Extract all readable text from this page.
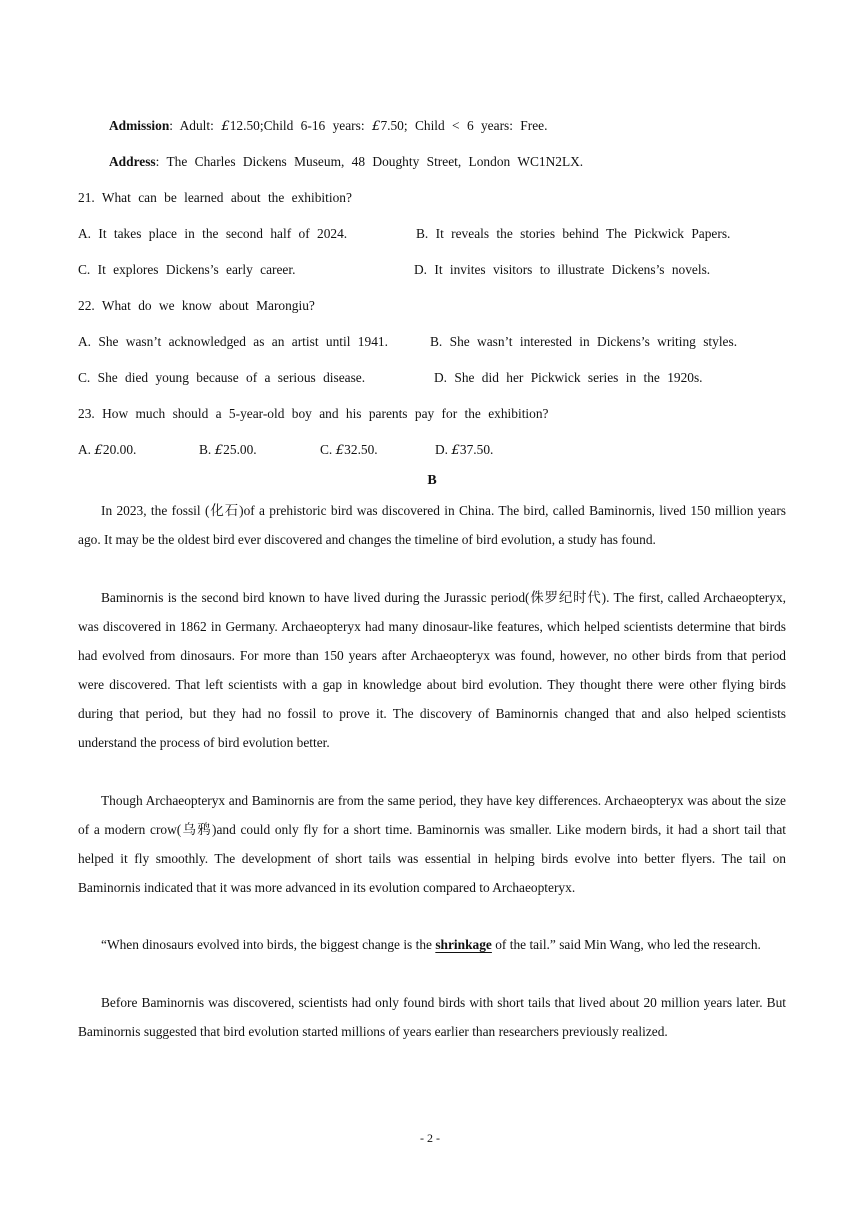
Admission: Adult: £12.50;Child 6-16 years: £7.50; Child < 6 years: Free.
Address: The Charles Dickens Museum, 48 Doughty Street, London WC1N2LX.
21. What can be learned about the exhibition?
A. It takes place in the second half of 2024.	B. It reveals the stories behind The Pickwick Papers.
C. It explores Dickens’s early career.	D. It invites visitors to illustrate Dickens’s novels.
22. What do we know about Marongiu?
A. She wasn’t acknowledged as an artist until 1941.	B. She wasn’t interested in Dickens’s writing styles.
C. She died young because of a serious disease.	D. She did her Pickwick series in the 1920s.
23. How much should a 5-year-old boy and his parents pay for the exhibition?
A. £20.00.	B. £25.00.	C. £32.50.	D. £37.50.
B
In 2023, the fossil (化石)of a prehistoric bird was discovered in China. The bird, called Baminornis, lived 150 million years ago. It may be the oldest bird ever discovered and changes the timeline of bird evolution, a study has found.
Baminornis is the second bird known to have lived during the Jurassic period(侏罗纪时代). The first, called Archaeopteryx, was discovered in 1862 in Germany. Archaeopteryx had many dinosaur-like features, which helped scientists determine that birds had evolved from dinosaurs. For more than 150 years after Archaeopteryx was found, however, no other birds from that period were discovered. That left scientists with a gap in knowledge about bird evolution. They thought there were other flying birds during that period, but they had no fossil to prove it. The discovery of Baminornis changed that and also helped scientists understand the process of bird evolution better.
Though Archaeopteryx and Baminornis are from the same period, they have key differences. Archaeopteryx was about the size of a modern crow(乌鸦)and could only fly for a short time. Baminornis was smaller. Like modern birds, it had a short tail that helped it fly smoothly. The development of short tails was essential in helping birds evolve into better flyers. The tail on Baminornis indicated that it was more advanced in its evolution compared to Archaeopteryx.
“When dinosaurs evolved into birds, the biggest change is the shrinkage of the tail.” said Min Wang, who led the research.
Before Baminornis was discovered, scientists had only found birds with short tails that lived about 20 million years later. But Baminornis suggested that bird evolution started millions of years earlier than researchers previously realized.
- 2 -
